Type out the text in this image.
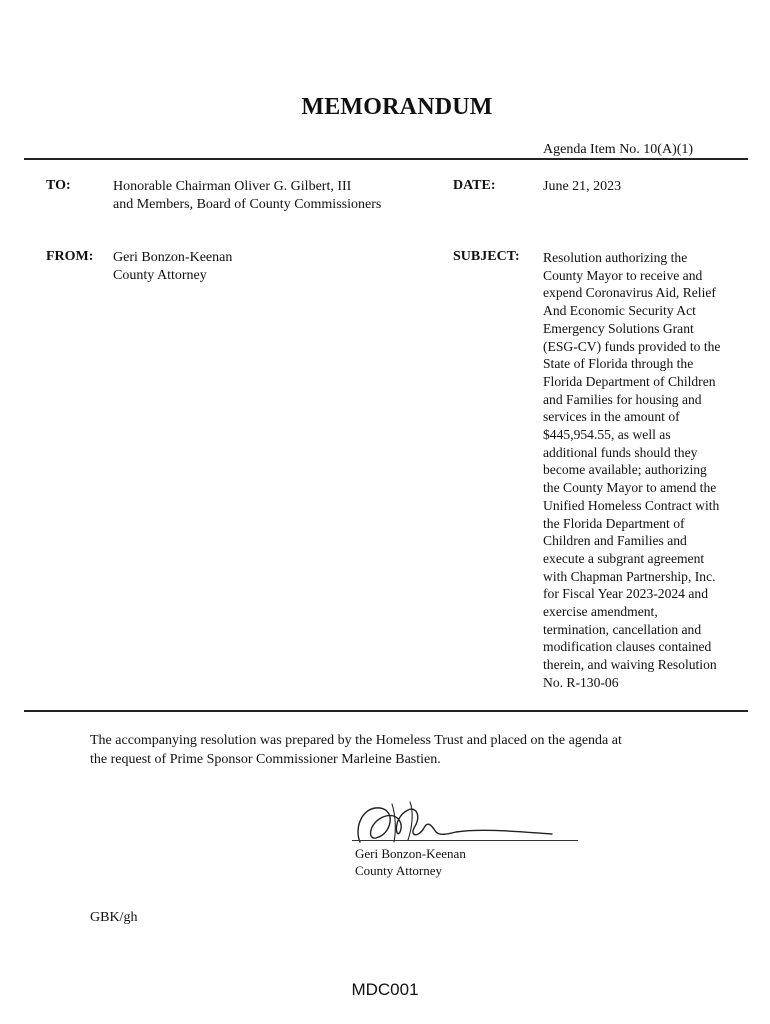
MEMORANDUM
Agenda Item No. 10(A)(1)
TO:	Honorable Chairman Oliver G. Gilbert, III
and Members, Board of County Commissioners
DATE:	June 21, 2023
FROM: Geri Bonzon-Keenan
County Attorney
SUBJECT: Resolution authorizing the
County Mayor to receive and
expend Coronavirus Aid, Relief
And Economic Security Act
Emergency Solutions Grant
(ESG-CV) funds provided to the
State of Florida through the
Florida Department of Children
and Families for housing and
services in the amount of
$445,954.55, as well as
additional funds should they
become available; authorizing
the County Mayor to amend the
Unified Homeless Contract with
the Florida Department of
Children and Families and
execute a subgrant agreement
with Chapman Partnership, Inc.
for Fiscal Year 2023-2024 and
exercise amendment,
termination, cancellation and
modification clauses contained
therein, and waiving Resolution
No. R-130-06
The accompanying resolution was prepared by the Homeless Trust and placed on the agenda at
the request of Prime Sponsor Commissioner Marleine Bastien.
Geri Bonzon-Keenan
County Attorney
GBK/gh
MDC001
